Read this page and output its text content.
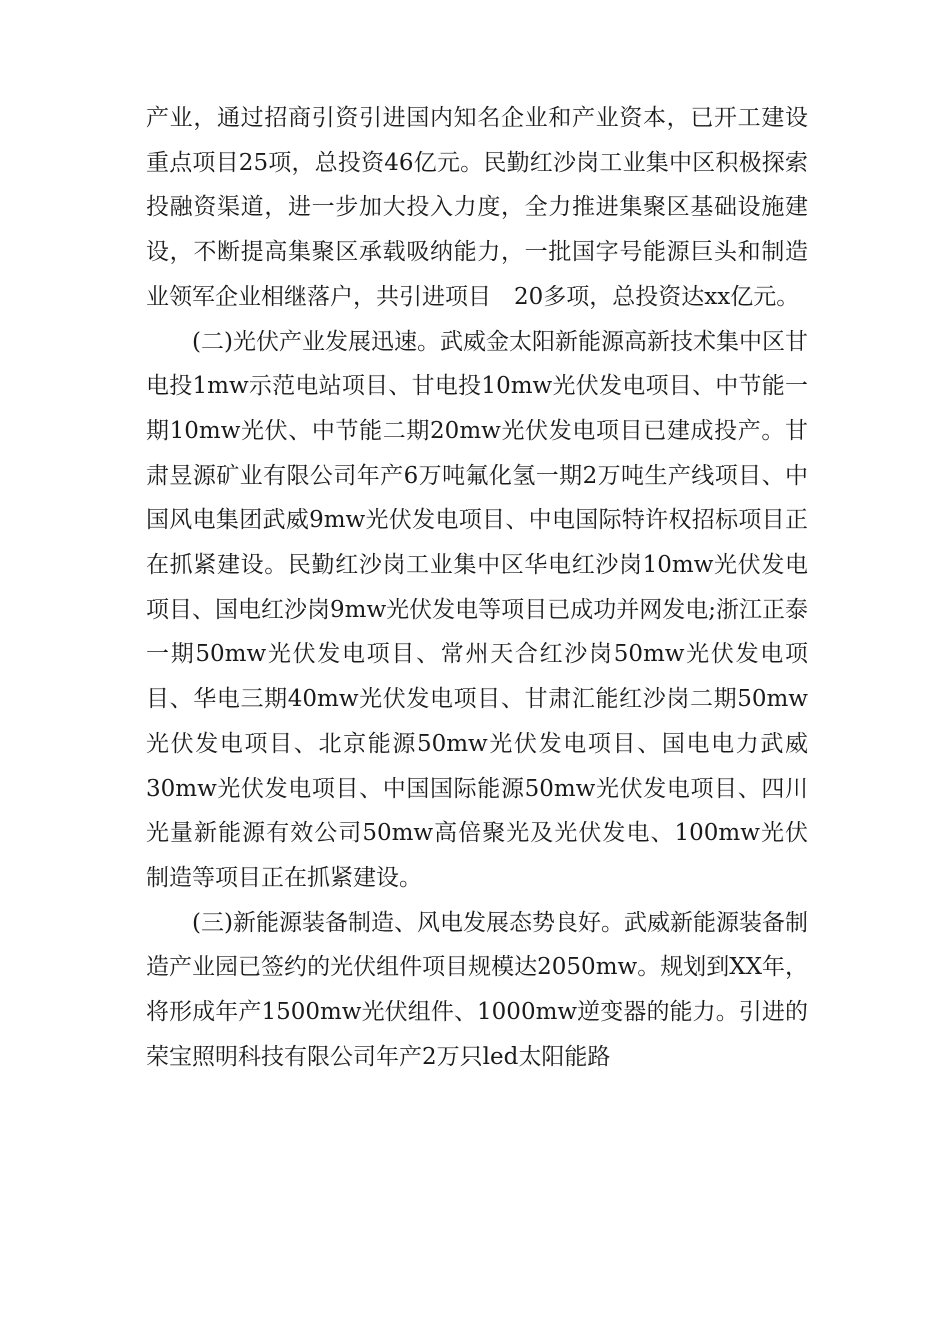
产业，通过招商引资引进国内知名企业和产业资本，已开工建设重点项目25项，总投资46亿元。民勤红沙岗工业集中区积极探索投融资渠道，进一步加大投入力度，全力推进集聚区基础设施建设，不断提高集聚区承载吸纳能力，一批国字号能源巨头和制造业领军企业相继落户，共引进项目　20多项，总投资达xx亿元。

(二)光伏产业发展迅速。武威金太阳新能源高新技术集中区甘电投1mw示范电站项目、甘电投10mw光伏发电项目、中节能一期10mw光伏、中节能二期20mw光伏发电项目已建成投产。甘肃昱源矿业有限公司年产6万吨氟化氢一期2万吨生产线项目、中国风电集团武威9mw光伏发电项目、中电国际特许权招标项目正在抓紧建设。民勤红沙岗工业集中区华电红沙岗10mw光伏发电项目、国电红沙岗9mw光伏发电等项目已成功并网发电;浙江正泰一期50mw光伏发电项目、常州天合红沙岗50mw光伏发电项目、华电三期40mw光伏发电项目、甘肃汇能红沙岗二期50mw光伏发电项目、北京能源50mw光伏发电项目、国电电力武威30mw光伏发电项目、中国国际能源50mw光伏发电项目、四川光量新能源有效公司50mw高倍聚光及光伏发电、100mw光伏制造等项目正在抓紧建设。

(三)新能源装备制造、风电发展态势良好。武威新能源装备制造产业园已签约的光伏组件项目规模达2050mw。规划到XX年，将形成年产1500mw光伏组件、1000mw逆变器的能力。引进的荣宝照明科技有限公司年产2万只led太阳能路
